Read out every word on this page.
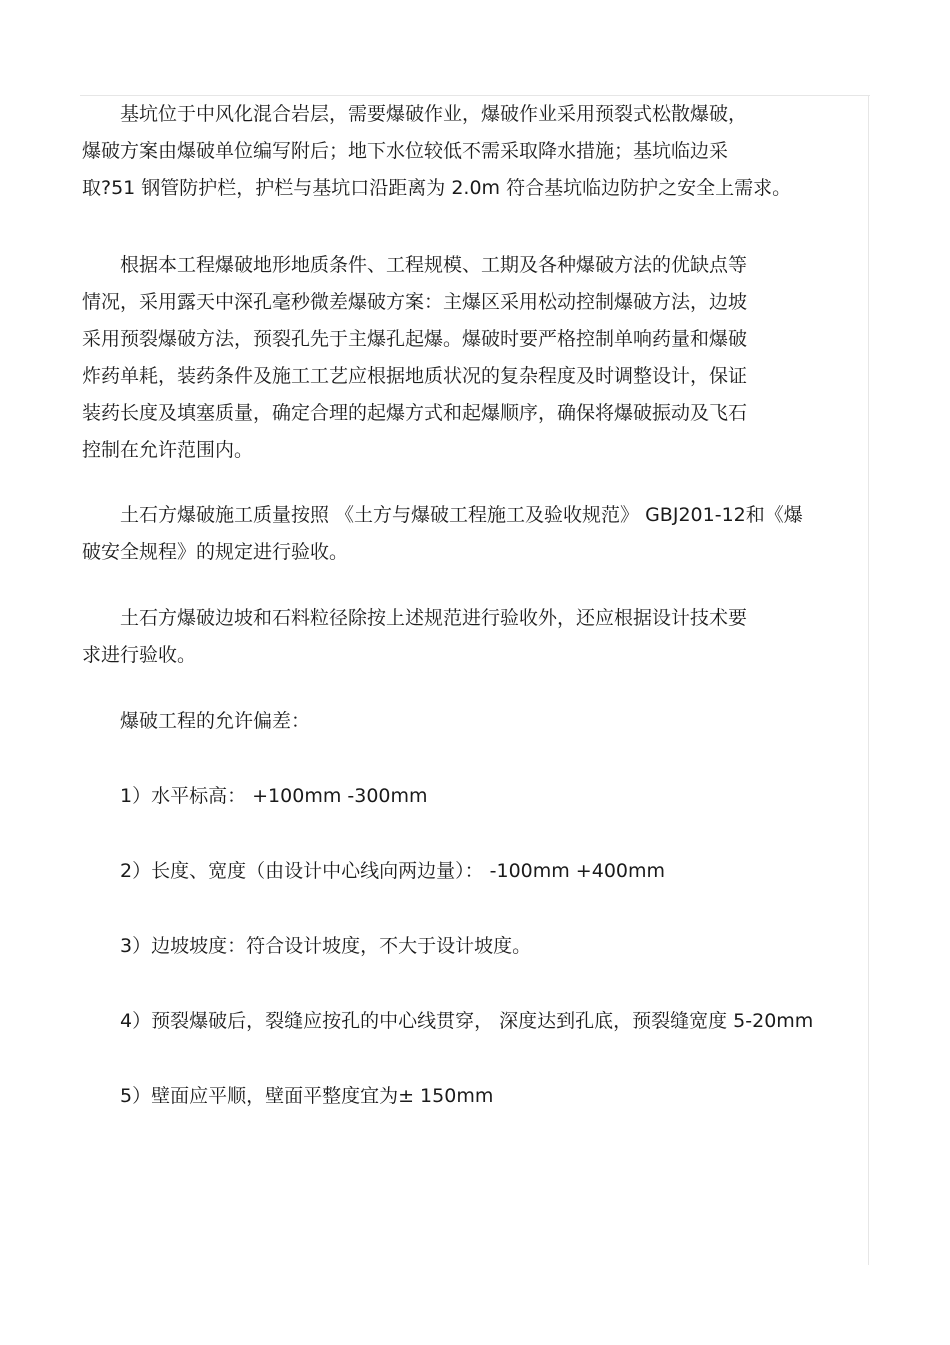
基坑位于中风化混合岩层，需要爆破作业，爆破作业采用预裂式松散爆破，
爆破方案由爆破单位编写附后；地下水位较低不需采取降水措施；基坑临边采
取?51 钢管防护栏，护栏与基坑口沿距离为 2.0m 符合基坑临边防护之安全上需求。
根据本工程爆破地形地质条件、工程规模、工期及各种爆破方法的优缺点等
情况，采用露天中深孔毫秒微差爆破方案：主爆区采用松动控制爆破方法，边坡
采用预裂爆破方法，预裂孔先于主爆孔起爆。爆破时要严格控制单响药量和爆破
炸药单耗，装药条件及施工工艺应根据地质状况的复杂程度及时调整设计，保证
装药长度及填塞质量，确定合理的起爆方式和起爆顺序，确保将爆破振动及飞石
控制在允许范围内。
土石方爆破施工质量按照 《土方与爆破工程施工及验收规范》 GBJ201-12和《爆
破安全规程》的规定进行验收。
土石方爆破边坡和石料粒径除按上述规范进行验收外，还应根据设计技术要
求进行验收。
爆破工程的允许偏差：

1）水平标高： +100mm -300mm

2）长度、宽度（由设计中心线向两边量）： -100mm +400mm

3）边坡坡度：符合设计坡度，不大于设计坡度。

4）预裂爆破后，裂缝应按孔的中心线贯穿， 深度达到孔底，预裂缝宽度 5-20mm

5）壁面应平顺，壁面平整度宜为± 150mm
